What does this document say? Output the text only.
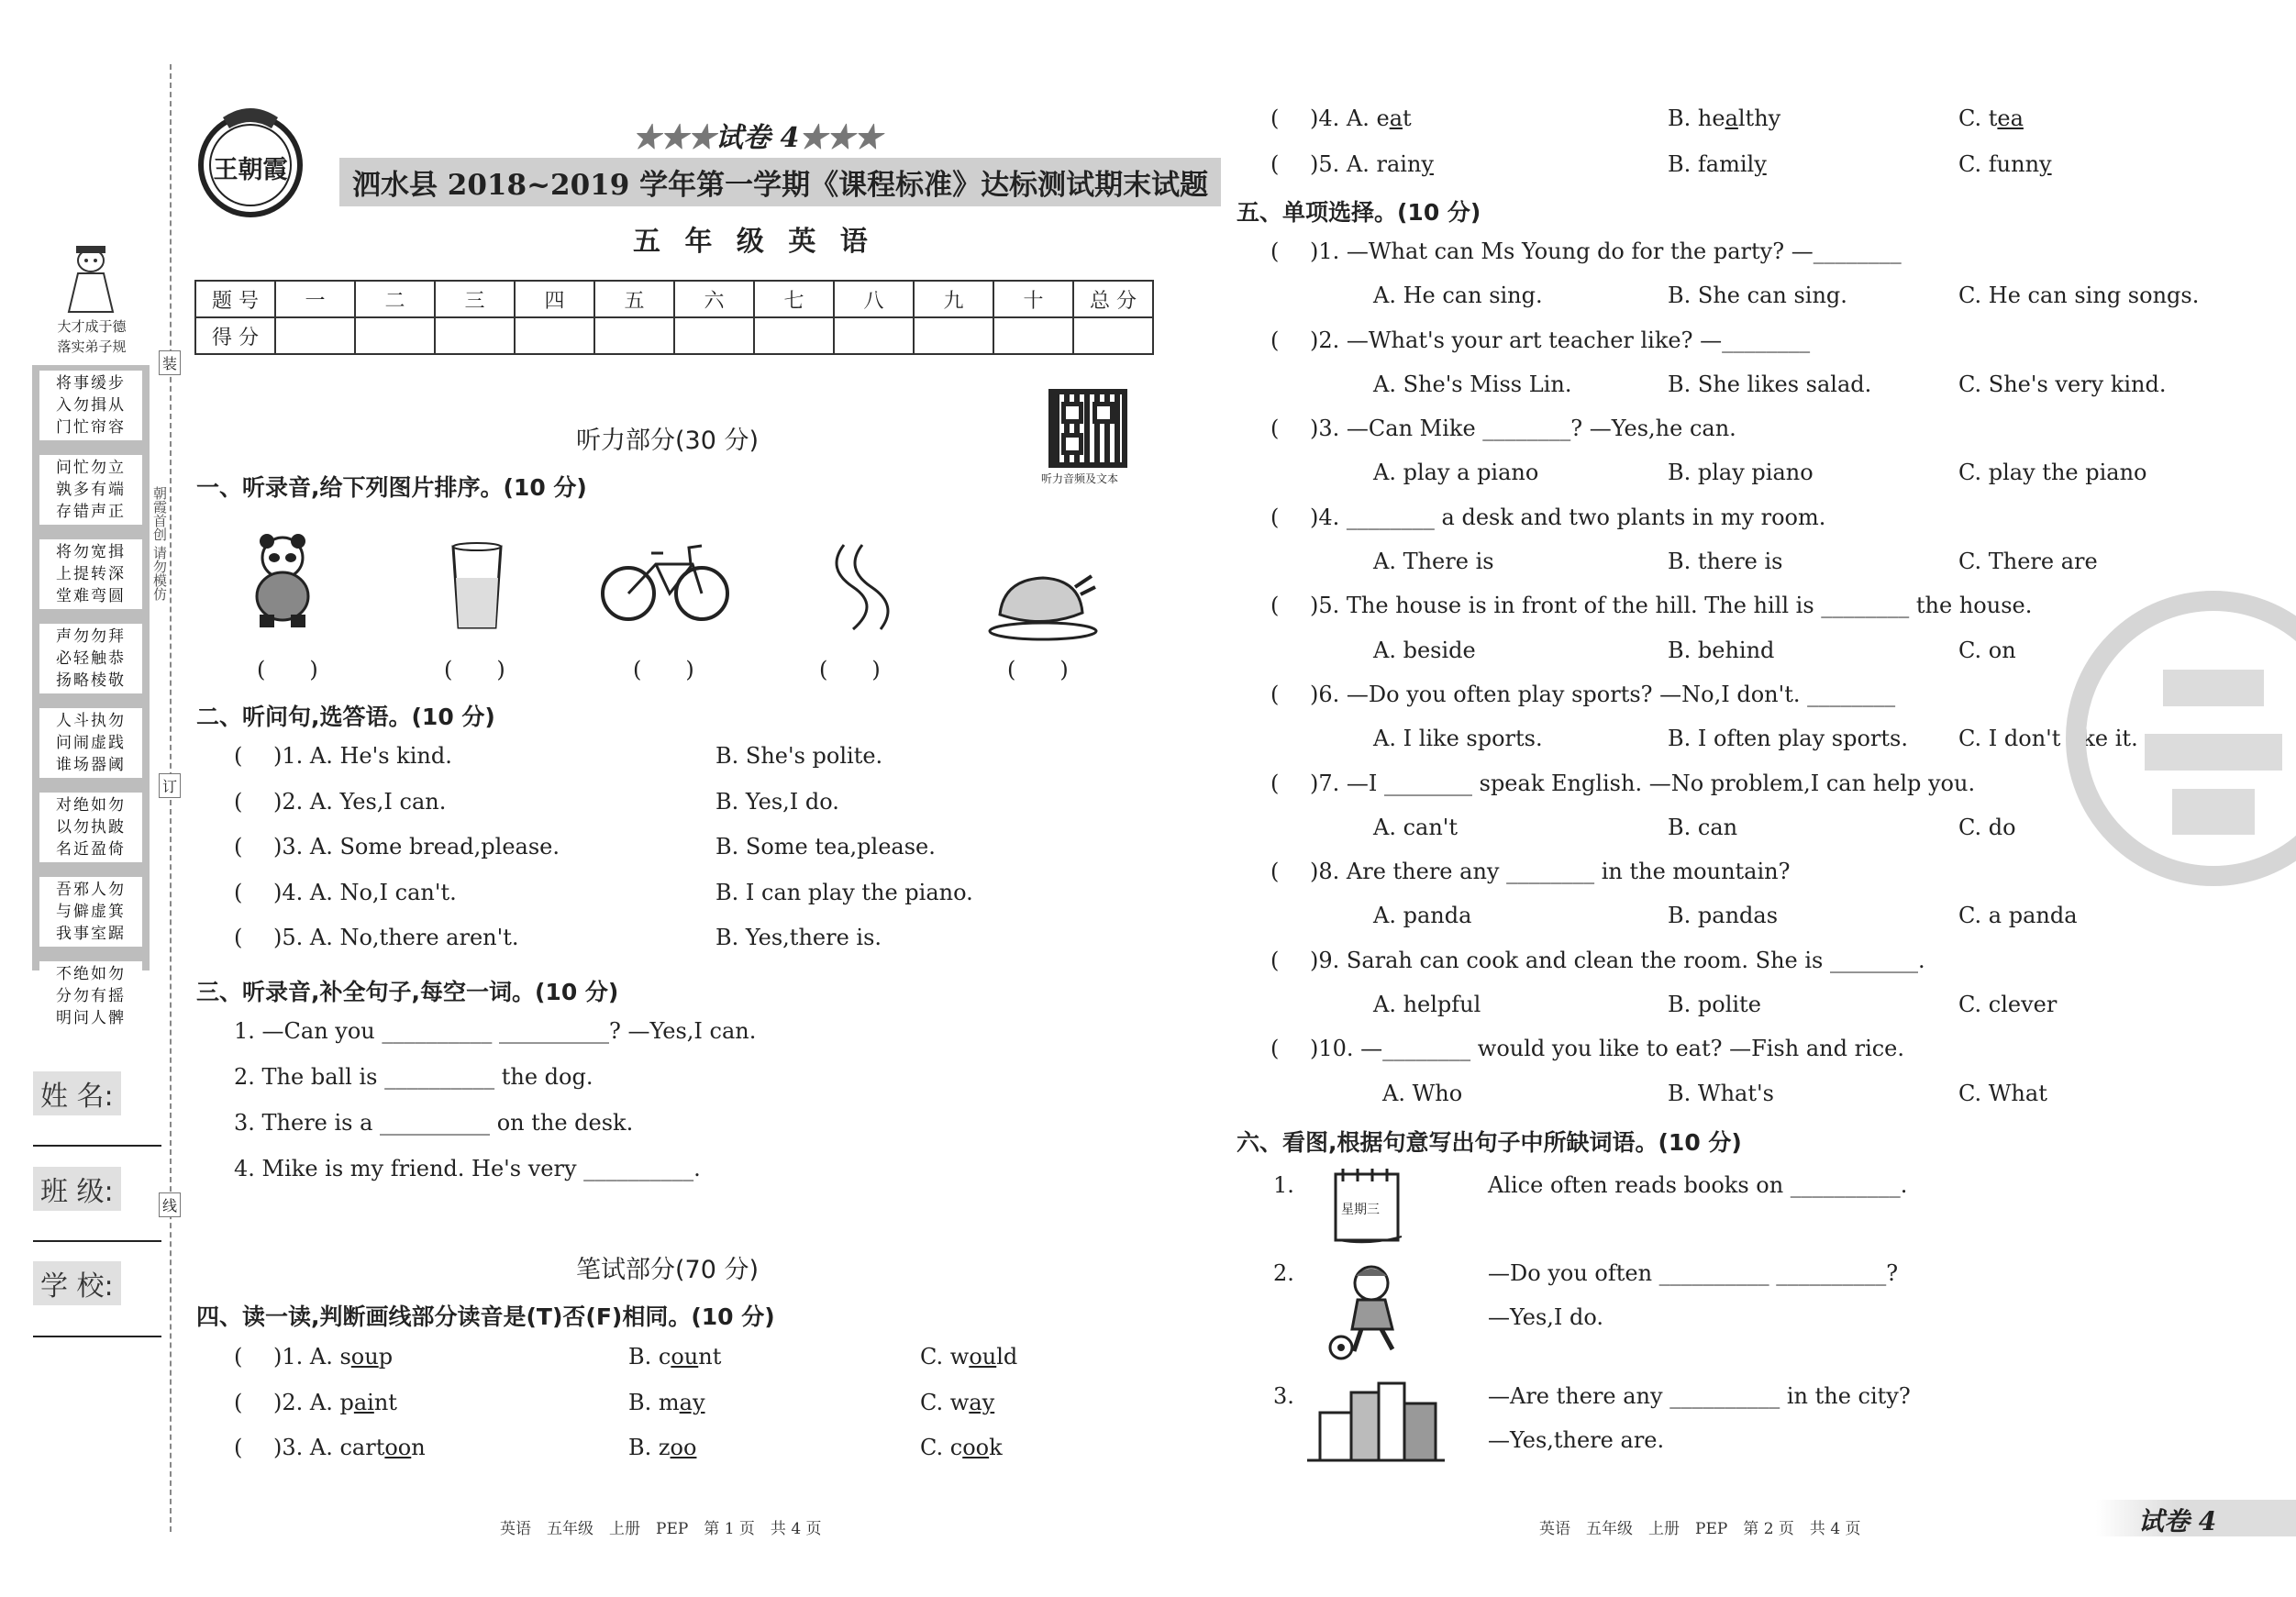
大才成于德
落实弟子规
将事缓步
入勿揖从
门忙帘容
问忙勿立
孰多有端
存错声正
将勿宽揖
上提转深
堂难弯圆
声勿勿拜
必轻触恭
扬略棱敬
人斗执勿
问闹虚践
谁场器阈
对绝如勿
以勿执跛
名近盈倚
吾邪人勿
与僻虚箕
我事室踞
不绝如勿
分勿有摇
明问人髀
装
订
线
朝霞首创 请勿模仿
姓 名:
班 级:
学 校:
王朝霞
★★★试卷 4★★★
泗水县 2018~2019 学年第一学期《课程标准》达标测试期末试题
五 年 级 英 语
题 号	一	二	三	四	五	六	七	八	九	十	总 分
得 分											
听力音频及文本
听力部分(30 分)
一、听录音,给下列图片排序。(10 分)
(　　)	(　　)	(　　)	(　　)	(　　)
二、听问句,选答语。(10 分)
( )1. A. He's kind.	B. She's polite.
( )2. A. Yes,I can.	B. Yes,I do.
( )3. A. Some bread,please.	B. Some tea,please.
( )4. A. No,I can't.	B. I can play the piano.
( )5. A. No,there aren't.	B. Yes,there is.
三、听录音,补全句子,每空一词。(10 分)
1. —Can you __________ __________? —Yes,I can.
2. The ball is __________ the dog.
3. There is a __________ on the desk.
4. Mike is my friend. He's very __________.
笔试部分(70 分)
四、读一读,判断画线部分读音是(T)否(F)相同。(10 分)
( )1. A. soup	B. count	C. would
( )2. A. paint	B. may	C. way
( )3. A. cartoon	B. zoo	C. cook
( )4. A. eat	B. healthy	C. tea
( )5. A. rainy	B. family	C. funny
五、单项选择。(10 分)
( )1. —What can Ms Young do for the party? —________
A. He can sing.	B. She can sing.	C. He can sing songs.
( )2. —What's your art teacher like? —________
A. She's Miss Lin.	B. She likes salad.	C. She's very kind.
( )3. —Can Mike ________? —Yes,he can.
A. play a piano	B. play piano	C. play the piano
( )4. ________ a desk and two plants in my room.
A. There is	B. there is	C. There are
( )5. The house is in front of the hill. The hill is ________ the house.
A. beside	B. behind	C. on
( )6. —Do you often play sports? —No,I don't. ________
A. I like sports.	B. I often play sports. C. I don't like it.
( )7. —I ________ speak English. —No problem,I can help you.
A. can't	B. can	C. do
( )8. Are there any ________ in the mountain?
A. panda	B. pandas	C. a panda
( )9. Sarah can cook and clean the room. She is ________.
A. helpful	B. polite	C. clever
( )10. —________ would you like to eat? —Fish and rice.
A. Who	B. What's	C. What
六、看图,根据句意写出句子中所缺词语。(10 分)
1.
星期三
Alice often reads books on __________.
2.	—Do you often __________ __________?
—Yes,I do.
3.	—Are there any __________ in the city?
—Yes,there are.
英语　五年级　上册　PEP　第 1 页　共 4 页	英语　五年级　上册　PEP　第 2 页　共 4 页	试卷 4
